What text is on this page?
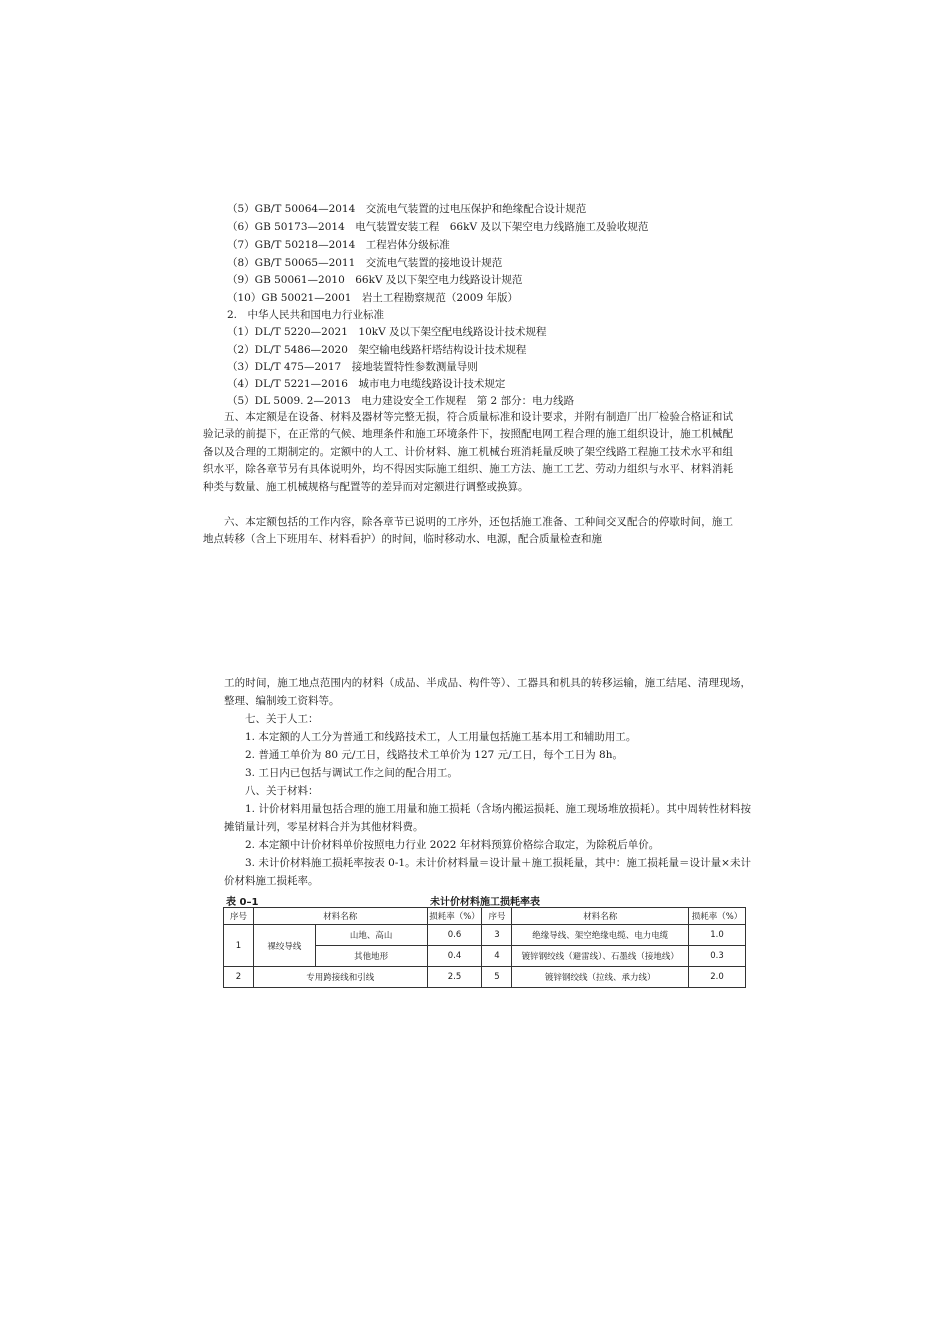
（5）GB/T 50064—2014　交流电气装置的过电压保护和绝缘配合设计规范
（6）GB 50173—2014　电气装置安装工程　66kV 及以下架空电力线路施工及验收规范
（7）GB/T 50218—2014　工程岩体分级标准
（8）GB/T 50065—2011　交流电气装置的接地设计规范
（9）GB 50061—2010　66kV 及以下架空电力线路设计规范
（10）GB 50021—2001　岩土工程勘察规范（2009 年版）
2.　中华人民共和国电力行业标准
（1）DL/T 5220—2021　10kV 及以下架空配电线路设计技术规程
（2）DL/T 5486—2020　架空输电线路杆塔结构设计技术规程
（3）DL/T 475—2017　接地装置特性参数测量导则
（4）DL/T 5221—2016　城市电力电缆线路设计技术规定
（5）DL 5009. 2—2013　电力建设安全工作规程　第 2 部分：电力线路
五、本定额是在设备、材料及器材等完整无损，符合质量标准和设计要求，并附有制造厂出厂检验合格证和试验记录的前提下，在正常的气候、地理条件和施工环境条件下，按照配电网工程合理的施工组织设计，施工机械配备以及合理的工期制定的。定额中的人工、计价材料、施工机械台班消耗量反映了架空线路工程施工技术水平和组织水平，除各章节另有具体说明外，均不得因实际施工组织、施工方法、施工工艺、劳动力组织与水平、材料消耗种类与数量、施工机械规格与配置等的差异而对定额进行调整或换算。
六、本定额包括的工作内容，除各章节已说明的工序外，还包括施工准备、工种间交叉配合的停歇时间，施工地点转移（含上下班用车、材料看护）的时间，临时移动水、电源，配合质量检查和施
工的时间，施工地点范围内的材料（成品、半成品、构件等）、工器具和机具的转移运输，施工结尾、清理现场，整理、编制竣工资料等。
七、关于人工：
1. 本定额的人工分为普通工和线路技术工，人工用量包括施工基本用工和辅助用工。
2. 普通工单价为 80 元/工日，线路技术工单价为 127 元/工日，每个工日为 8h。
3. 工日内已包括与调试工作之间的配合用工。
八、关于材料：
1. 计价材料用量包括合理的施工用量和施工损耗（含场内搬运损耗、施工现场堆放损耗）。其中周转性材料按摊销量计列，零星材料合并为其他材料费。
2. 本定额中计价材料单价按照电力行业 2022 年材料预算价格综合取定，为除税后单价。
3. 未计价材料施工损耗率按表 0-1。未计价材料量＝设计量＋施工损耗量，其中：施工损耗量＝设计量×未计价材料施工损耗率。
表 0–1	未计价材料施工损耗率表
序号	材料名称		损耗率（%）	序号	材料名称	损耗率（%）
1	裸绞导线	山地、高山	0.6	3	绝缘导线、架空绝缘电缆、电力电缆	1.0
		其他地形	0.4	4	镀锌钢绞线（避雷线）、石墨线（接地线）	0.3
2	专用跨接线和引线		2.5	5	镀锌钢绞线（拉线、承力线）	2.0
